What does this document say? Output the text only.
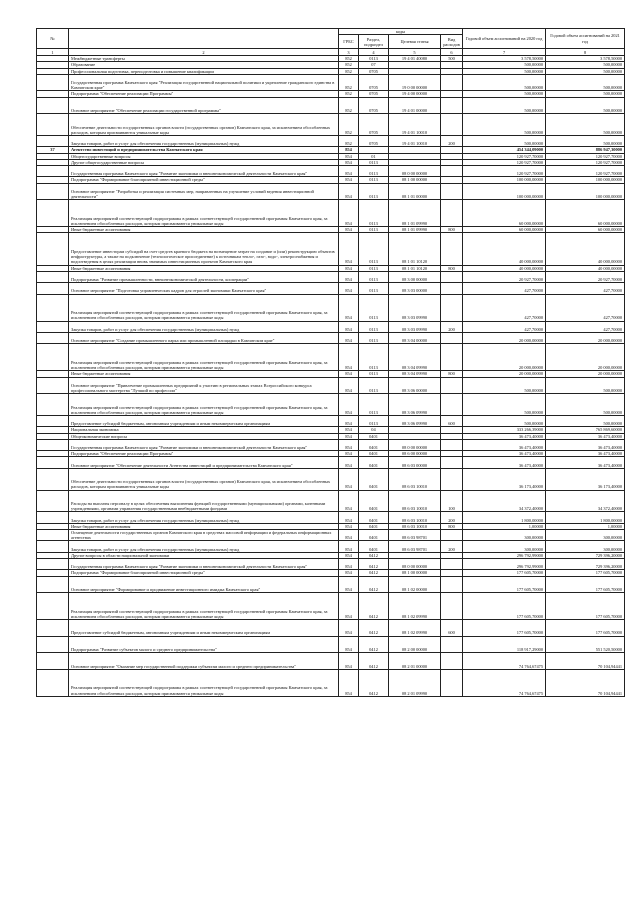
№		коды				Годовой объем ассигнований на 2020 год	Годовой объем ассигнований на 2021 год
		ГРБС	Раздел, подраздел	Целевая статья	Вид расходов		
1	2	3	4	5	6	7	8
	Межбюджетные трансферты	852	0113	19 4 01 40080	500	3 578,50000	3 578,50000
	Образование	852	07			500,00000	500,00000
	Профессиональная подготовка, переподготовка и повышение квалификации	852	0705			500,00000	500,00000
	Государственная программа Камчатского края "Реализация государственной национальной политики и укрепление гражданского единства в Камчатском крае"	852	0705	19 0 00 00000		500,00000	500,00000
	Подпрограмма "Обеспечение реализации Программы"	852	0705	19 4 00 00000		500,00000	500,00000
	Основное мероприятие "Обеспечение реализации государственной программы"	852	0705	19 4 01 00000		500,00000	500,00000
	Обеспечение деятельности государственных органов власти (государственных органов) Камчатского края, за исключением обособленных расходов, которым присваиваются уникальные коды	852	0705	19 4 01 10010		500,00000	500,00000
	Закупка товаров, работ и услуг для обеспечения государственных (муниципальных) нужд	852	0705	19 4 01 10010	200	500,00000	500,00000
37	Агентство инвестиций и предпринимательства Камчатского края	854				454 344,09000	886 947,30000
	Общегосударственные вопросы	854	01			120 927,70000	120 927,70000
	Другие общегосударственные вопросы	854	0113			120 927,70000	120 927,70000
	Государственная программа Камчатского края "Развитие экономики и внешнеэкономической деятельности Камчатского края"	854	0113	08 0 00 00000		120 927,70000	120 927,70000
	Подпрограмма "Формирование благоприятной инвестиционной среды"	854	0113	08 1 00 00000		100 000,00000	100 000,00000
	Основное мероприятие "Разработка и реализация системных мер, направленных на улучшение условий ведения инвестиционной деятельности"	854	0113	08 1 01 00000		100 000,00000	100 000,00000
	Реализация мероприятий соответствующей подпрограммы в рамках соответствующей государственной программы Камчатского края, за исключением обособленных расходов, которым присваиваются уникальные коды	854	0113	08 1 01 09990		60 000,00000	60 000,00000
	Иные бюджетные ассигнования	854	0113	08 1 01 09990	800	60 000,00000	60 000,00000
	Предоставление инвесторам субсидий на счет средств краевого бюджета на возмещение затрат на создание и (или) реконструкцию объектов инфраструктуры, а также на подключение (технологическое присоединение) к источникам тепло-, газо-, водо-, электроснабжения и водоотведения в целях реализации вновь значимых инвестиционных проектов Камчатского края	854	0113	08 1 01 10120		40 000,00000	40 000,00000
	Иные бюджетные ассигнования	854	0113	08 1 01 10120	800	40 000,00000	40 000,00000
	Подпрограмма "Развитие промышленности, внешнеэкономической деятельности, кооперации"	854	0113	08 3 00 00000		20 927,70000	20 927,70000
	Основное мероприятие "Подготовка управленческих кадров для отраслей экономики Камчатского края"	854	0113	08 3 03 00000		427,70000	427,70000
	Реализация мероприятий соответствующей подпрограммы в рамках соответствующей государственной программы Камчатского края, за исключением обособленных расходов, которым присваиваются уникальные коды	854	0113	08 3 03 09990		427,70000	427,70000
	Закупка товаров, работ и услуг для обеспечения государственных (муниципальных) нужд	854	0113	08 3 03 09990	200	427,70000	427,70000
	Основное мероприятие "Создание промышленного парка или промышленной площадки в Камчатском крае"	854	0113	08 3 04 00000		20 000,00000	20 000,00000
	Реализация мероприятий соответствующей подпрограммы в рамках соответствующей государственной программы Камчатского края, за исключением обособленных расходов, которым присваиваются уникальные коды	854	0113	08 3 04 09990		20 000,00000	20 000,00000
	Иные бюджетные ассигнования	854	0113	08 3 04 09990	800	20 000,00000	20 000,00000
	Основное мероприятие "Привлечение промышленных предприятий к участию в региональных этапах Всероссийского конкурса профессионального мастерства "Лучший по профессии"	854	0113	08 3 06 00000		500,00000	500,00000
	Реализация мероприятий соответствующей подпрограммы в рамках соответствующей государственной программы Камчатского края, за исключением обособленных расходов, которым присваиваются уникальные коды	854	0113	08 3 06 09990		500,00000	500,00000
	Предоставление субсидий бюджетным, автономным учреждениям и иным некоммерческим организациям	854	0113	08 3 06 09990	600	500,00000	500,00000
	Национальная экономика	854	04			333 266,39000	765 869,60000
	Общеэкономические вопросы	854	0401			36 473,40000	36 473,40000
	Государственная программа Камчатского края "Развитие экономики и внешнеэкономической деятельности Камчатского края"	854	0401	08 0 00 00000		36 473,40000	36 473,40000
	Подпрограмма "Обеспечение реализации Программы"	854	0401	08 6 00 00000		36 473,40000	36 473,40000
	Основное мероприятие "Обеспечение деятельности Агентства инвестиций и предпринимательства Камчатского края"	854	0401	08 6 03 00000		36 473,40000	36 473,40000
	Обеспечение деятельности государственных органов власти (государственных органов) Камчатского края, за исключением обособленных расходов, которым присваиваются уникальные коды	854	0401	08 6 03 10010		36 173,40000	36 173,40000
	Расходы на выплаты персоналу в целях обеспечения выполнения функций государственными (муниципальными) органами, казенными учреждениями, органами управления государственными внебюджетными фондами	854	0401	08 6 03 10010	100	34 372,40000	34 372,40000
	Закупка товаров, работ и услуг для обеспечения государственных (муниципальных) нужд	854	0401	08 6 03 10010	200	1 800,00000	1 800,00000
	Иные бюджетные ассигнования	854	0401	08 6 03 10010	800	1,00000	1,00000
	Осмещение деятельности государственных органов Камчатского края в средствах массовой информации и федеральных информационных агентствах	854	0401	08 6 03 98701		300,00000	300,00000
	Закупка товаров, работ и услуг для обеспечения государственных (муниципальных) нужд	854	0401	08 6 03 98701	200	300,00000	300,00000
	Другие вопросы в области национальной экономики	854	0412			296 792,99000	729 396,20000
	Государственная программа Камчатского края "Развитие экономики и внешнеэкономической деятельности Камчатского края"	854	0412	08 0 00 00000		296 792,99000	729 396,20000
	Подпрограмма "Формирование благоприятной инвестиционной среды"	854	0412	08 1 00 00000		177 605,70000	177 605,70000
	Основное мероприятие "Формирование и продвижение инвестиционного имиджа Камчатского края"	854	0412	08 1 02 00000		177 605,70000	177 605,70000
	Реализация мероприятий соответствующей подпрограммы в рамках соответствующей государственной программы Камчатского края, за исключением обособленных расходов, которым присваиваются уникальные коды	854	0412	08 1 02 09990		177 605,70000	177 605,70000
	Предоставление субсидий бюджетным, автономным учреждениям и иным некоммерческим организациям	854	0412	08 1 02 09990	600	177 605,70000	177 605,70000
	Подпрограмма "Развитие субъектов малого и среднего предпринимательства"	854	0412	08 2 00 00000		118 917,29000	551 520,50000
	Основное мероприятие "Оказание мер государственной поддержки субъектам малого и среднего предпринимательства"	854	0412	08 2 01 00000		74 764,67475	70 104,94441
	Реализация мероприятий соответствующей подпрограммы в рамках соответствующей государственной программы Камчатского края, за исключением обособленных расходов, которым присваиваются уникальные коды	854	0412	08 2 01 09990		74 764,67475	70 104,94441
